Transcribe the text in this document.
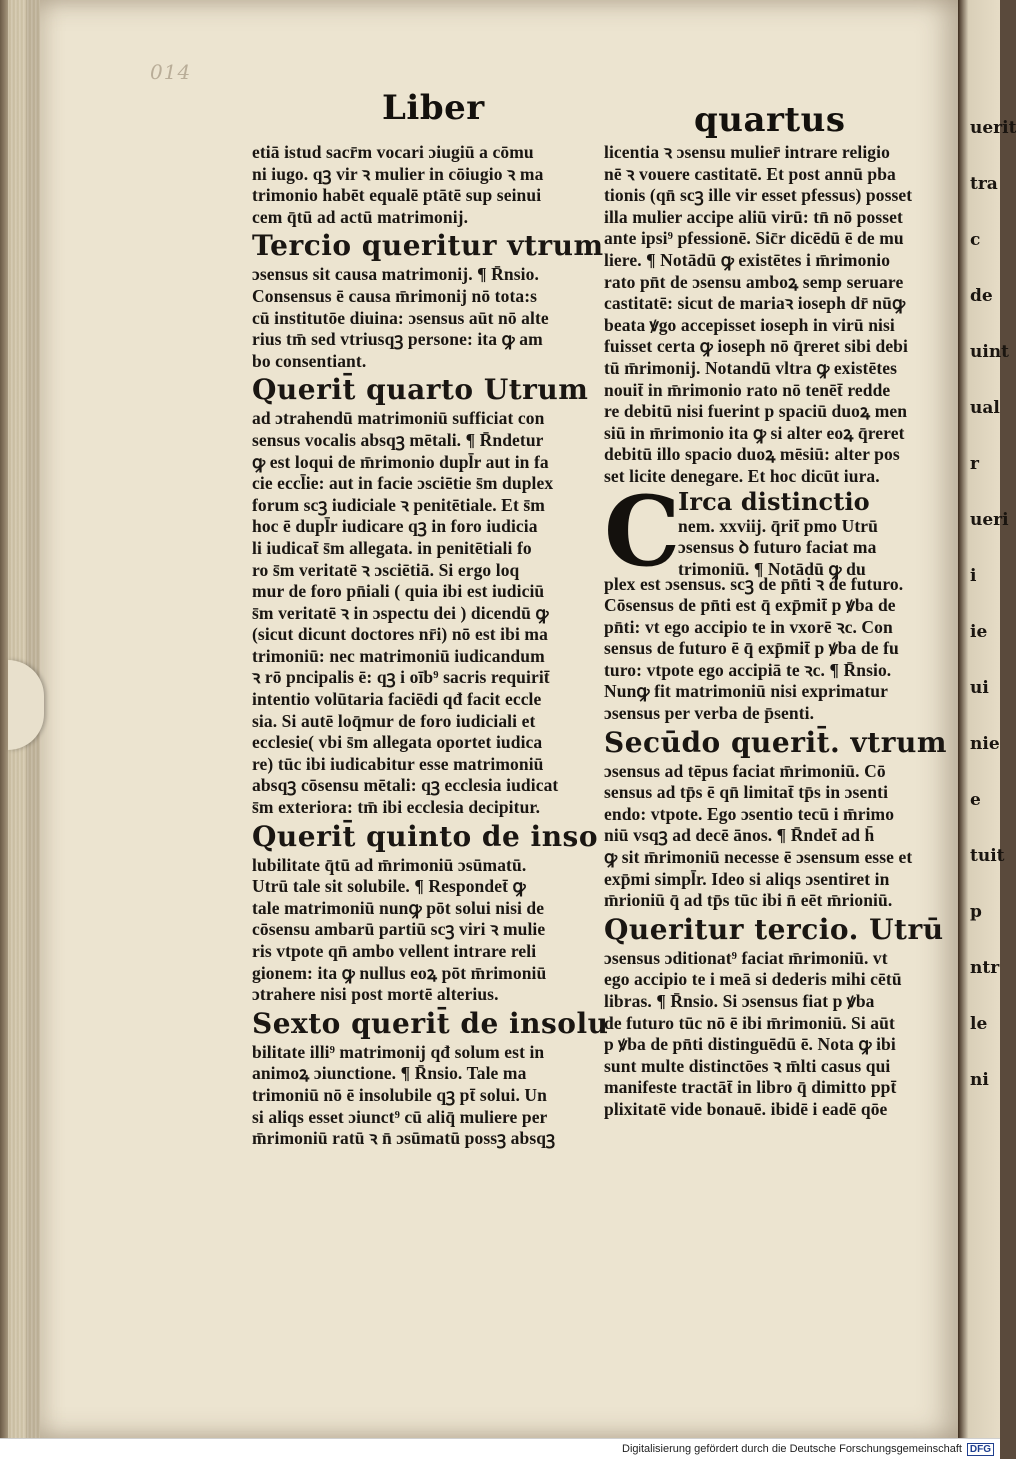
014
Liber	quartus
etiā istud sacr̄m vocari ɔiugiū a cōmu
ni iugo. qꝫ vir ꝛ mulier in cōiugio ꝛ ma
trimonio habēt equalē ptātē sup seinui
cem q̄tū ad actū matrimonij.
Tercio queritur vtrum
ɔsensus sit causa matrimonij. ¶ R̄nsio.
Consensus ē causa m̄rimonij nō tota:s
cū institutōe diuina: ɔsensus aūt nō alte
rius tm̄ sed vtriusqꝫ persone: ita ꝙ am
bo consentiant.
Querit̄ quarto Utrum
ad ɔtrahendū matrimoniū sufficiat con
sensus vocalis absqꝫ mētali. ¶ R̄ndetur
ꝙ est loqui de m̄rimonio dupl̄r aut in fa
cie eccl̄ie: aut in facie ɔsciētie s̄m duplex
forum scꝫ iudiciale ꝛ penitētiale. Et s̄m
hoc ē dupl̄r iudicare qꝫ in foro iudicia
li iudicat̄ s̄m allegata. in penitētiali fo
ro s̄m veritatē ꝛ ɔsciētiā. Si ergo loq
mur de foro pn̄iali ( quia ibi est iudiciū
s̄m veritatē ꝛ in ɔspectu dei ) dicendū ꝙ
(sicut dicunt doctores nr̄i) nō est ibi ma
trimoniū: nec matrimoniū iudicandum
ꝛ rō pncipalis ē: qꝫ i oīb⁹ sacris requirit̄
intentio volūtaria faciēdi qđ facit eccle
sia. Si autē loq̄mur de foro iudiciali et
ecclesie( vbi s̄m allegata oportet iudica
re) tūc ibi iudicabitur esse matrimoniū
absqꝫ cōsensu mētali: qꝫ ecclesia iudicat
s̄m exteriora: tm̄ ibi ecclesia decipitur.
Querit̄ quinto de inso
lubilitate q̄tū ad m̄rimoniū ɔsūmatū.
Utrū tale sit solubile. ¶ Respondet̄ ꝙ
tale matrimoniū nunꝙ pōt solui nisi de
cōsensu ambarū partiū scꝫ viri ꝛ mulie
ris vtpote qn̄ ambo vellent intrare reli
gionem: ita ꝙ nullus eoꝝ pōt m̄rimoniū
ɔtrahere nisi post mortē alterius.
Sexto querit̄ de insolu
bilitate illi⁹ matrimonij qđ solum est in
animoꝝ ɔiunctione. ¶ R̄nsio. Tale ma
trimoniū nō ē insolubile qꝫ pt̄ solui. Un
si aliqs esset ɔiunct⁹ cū aliq̄ muliere per
m̄rimoniū ratū ꝛ n̄ ɔsūmatū possꝫ absqꝫ
licentia ꝛ ɔsensu mulier̄ intrare religio
nē ꝛ vouere castitatē. Et post annū pba
tionis (qn̄ scꝫ ille vir esset pfessus) posset
illa mulier accipe aliū virū: tn̄ nō posset
ante ipsi⁹ pfessionē. Sic̄r dicēdū ē de mu
liere. ¶ Notādū ꝙ existētes i m̄rimonio
rato pn̄t de ɔsensu amboꝝ semp seruare
castitatē: sicut de mariaꝛ ioseph dr̄ nūꝙ
beata ꝟgo accepisset ioseph in virū nisi
fuisset certa ꝙ ioseph nō q̄reret sibi debi
tū m̄rimonij. Notandū vltra ꝙ existētes
nouit̄ in m̄rimonio rato nō tenēt̄ redde
re debitū nisi fuerint p spaciū duoꝝ men
siū in m̄rimonio ita ꝙ si alter eoꝝ q̄reret
debitū illo spacio duoꝝ mēsiū: alter pos
set licite denegare. Et hoc dicūt iura.
C
Irca distinctio
nem. xxviij. q̄rit̄ pmo Utrū
ɔsensus ꝺ futuro faciat ma
trimoniū. ¶ Notādū ꝙ du
plex est ɔsensus. scꝫ de pn̄ti ꝛ de futuro.
Cōsensus de pn̄ti est q̄ exp̄mit̄ p ꝟba de
pn̄ti: vt ego accipio te in vxorē ꝛc. Con
sensus de futuro ē q̄ exp̄mit̄ p ꝟba de fu
turo: vtpote ego accipiā te ꝛc. ¶ R̄nsio.
Nunꝙ fit matrimoniū nisi exprimatur
ɔsensus per verba de p̄senti.
Secūdo querit̄. vtrum
ɔsensus ad tēpus faciat m̄rimoniū. Cō
sensus ad tp̄s ē qn̄ limitat̄ tp̄s in ɔsenti
endo: vtpote. Ego ɔsentio tecū i m̄rimo
niū vsqꝫ ad decē ānos. ¶ R̄ndet̄ ad h̄
ꝙ sit m̄rimoniū necesse ē ɔsensum esse et
exp̄mi simpl̄r. Ideo si aliqs ɔsentiret in
m̄rioniū q̄ ad tp̄s tūc ibi n̄ eēt m̄rioniū.
Queritur tercio. Utrū
ɔsensus ɔditionat⁹ faciat m̄rimoniū. vt
ego accipio te i meā si dederis mihi cētū
libras. ¶ R̄nsio. Si ɔsensus fiat p ꝟba
de futuro tūc nō ē ibi m̄rimoniū. Si aūt
p ꝟba de pn̄ti distinguēdū ē. Nota ꝙ ibi
sunt multe distinctōes ꝛ m̄lti casus qui
manifeste tractāt̄ in libro q̄ dimitto ppt̄
plixitatē vide bonauē. ibidē i eadē qōe
uerit
tra
c
de
uint
ual
r
ueri
i
ie
ui
nie
e
tuit
p
ntr
le
ni
Digitalisierung gefördert durch die Deutsche Forschungsgemeinschaft DFG
